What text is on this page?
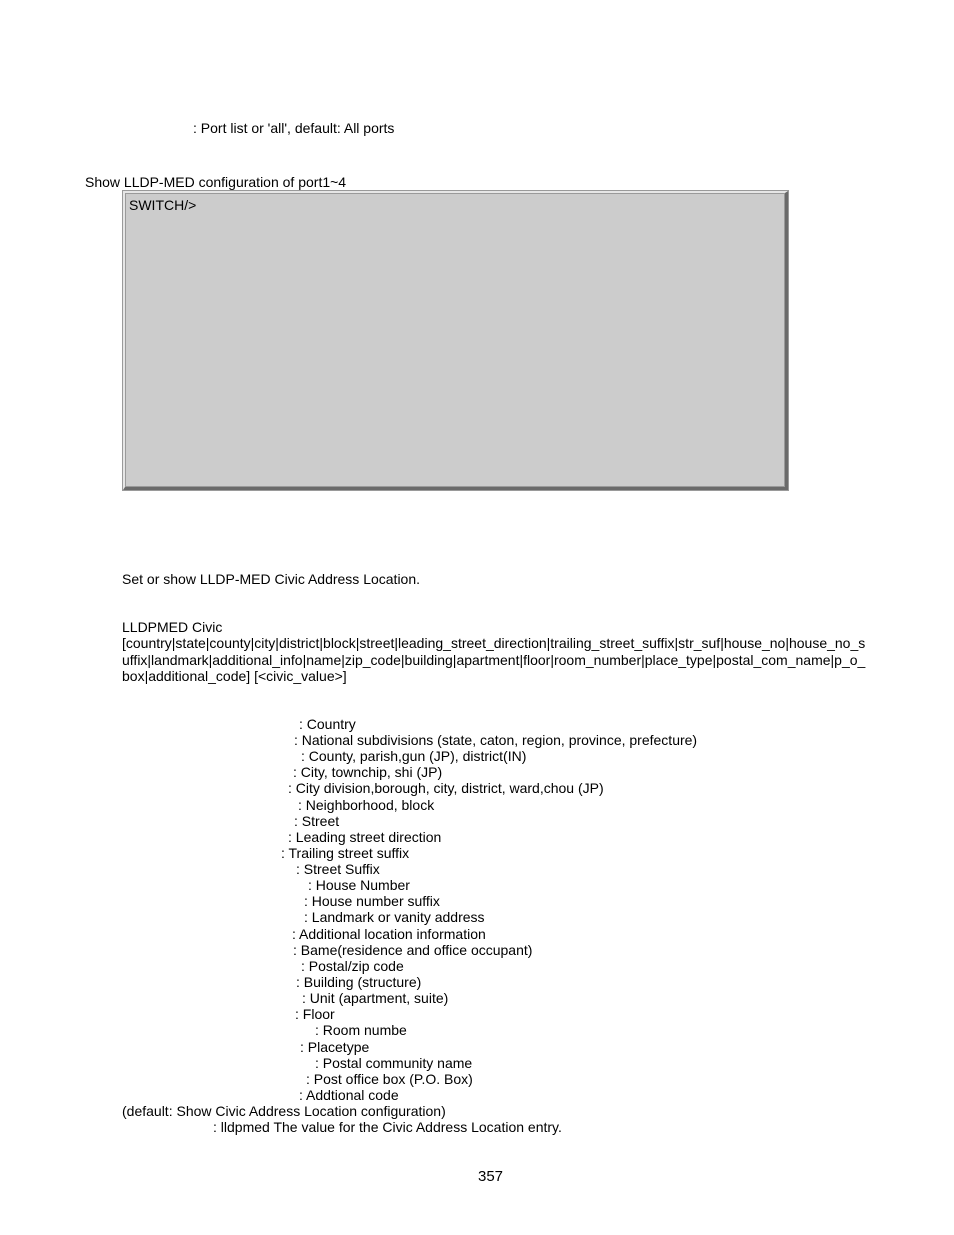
: Port list or 'all', default: All ports
Show LLDP-MED configuration of port1~4
SWITCH/>
Set or show LLDP-MED Civic Address Location.
LLDPMED Civic
[country|state|county|city|district|block|street|leading_street_direction|trailing_street_suffix|str_suf|house_no|house_no_s
uffix|landmark|additional_info|name|zip_code|building|apartment|floor|room_number|place_type|postal_com_name|p_o_
box|additional_code] [<civic_value>]
: Country
: National subdivisions (state, caton, region, province, prefecture)
: County, parish,gun (JP), district(IN)
: City, townchip, shi (JP)
: City division,borough, city, district, ward,chou (JP)
: Neighborhood, block
: Street
: Leading street direction
: Trailing street suffix
: Street Suffix
: House Number
: House number suffix
: Landmark or vanity address
: Additional location information
: Bame(residence and office occupant)
: Postal/zip code
: Building (structure)
: Unit (apartment, suite)
: Floor
: Room numbe
: Placetype
: Postal community name
: Post office box (P.O. Box)
: Addtional code
(default: Show Civic Address Location configuration)
: lldpmed The value for the Civic Address Location entry.
357
